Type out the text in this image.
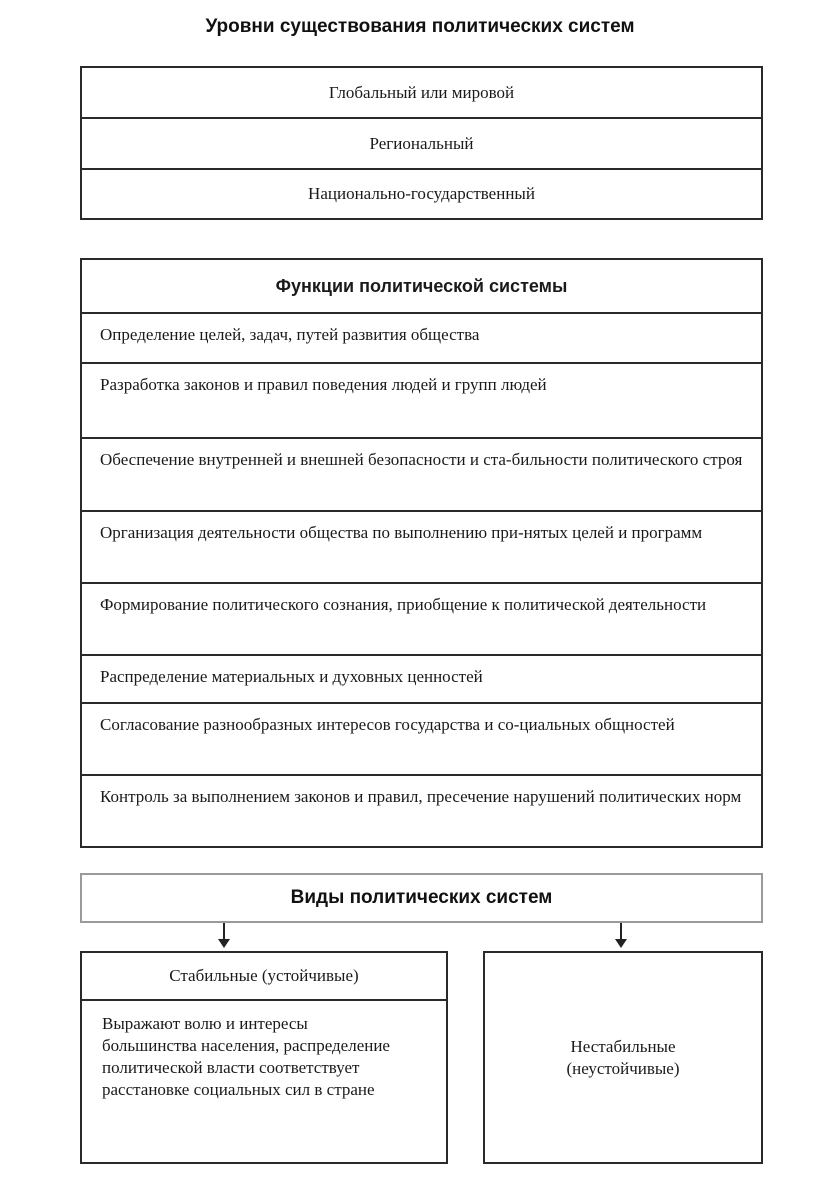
Уровни существования политических систем
Глобальный или мировой
Региональный
Национально-государственный
Функции политической системы
Определение целей, задач, путей развития общества
Разработка законов и правил поведения людей и групп людей
Обеспечение внутренней и внешней безопасности и ста-бильности политического строя
Организация деятельности общества по выполнению при-нятых целей и программ
Формирование политического сознания, приобщение к политической деятельности
Распределение материальных и духовных ценностей
Согласование разнообразных интересов государства и со-циальных общностей
Контроль за выполнением законов и правил, пресечение нарушений политических норм
Виды политических систем
Стабильные (устойчивые)
Выражают волю и интересы большинства населения, распределение политической власти соответствует расстановке социальных сил в стране
Нестабильные (неустойчивые)
